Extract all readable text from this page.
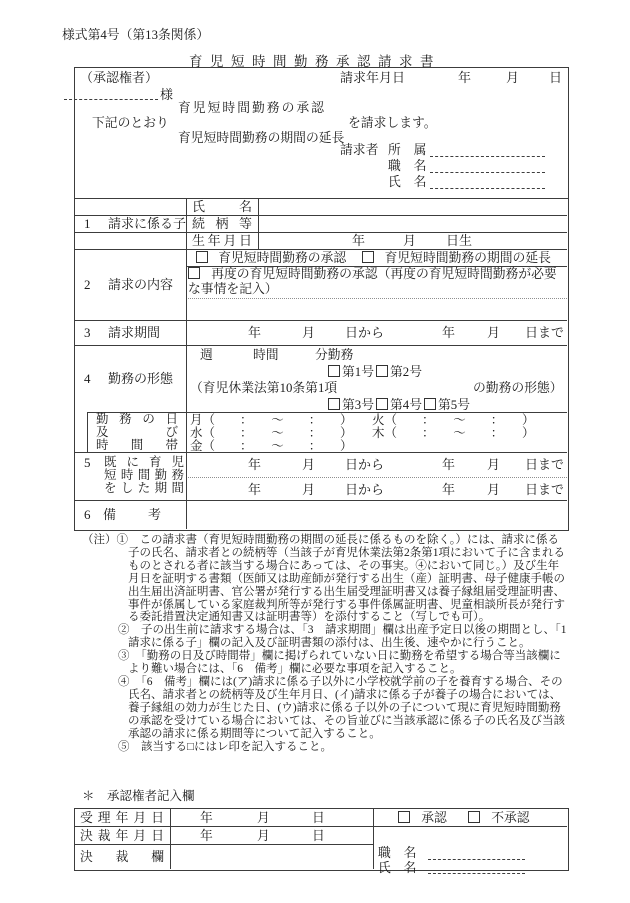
様式第4号（第13条関係）
育児短時間勤務承認請求書
（承認権者）	請求年月日	年	月 日
様
育児短時間勤務の承認
下記のとおり	を請求します。
育児短時間勤務の期間の延長
請求者 所　属
職　名
氏　名
1 請求に係る子
氏 名
続 柄 等
生年月日	年	月 日生
2 請求の内容
育児短時間勤務の承認	育児短時間勤務の期間の延長
再度の育児短時間勤務の承認（再度の育児短時間勤務が必要な事情を記入）
3 請求期間	年	月 日から	年 月 日まで
4 勤務の形態
週	時間	分勤務
第1号 第2号
（育児休業法第10条第1項	の勤務の形態）
第3号 第4号 第5号
勤 務 の 日
及 び
時 間 帯
月（　　：　　～　　：　　） 火（　　：　　～　　：　　）
水（　　：　　～　　：　　） 木（　　：　　～　　：　　）
金（　　：　　～　　：　　）
5 既 に 育 児
短時間勤務
をした期間
年	月 日から	年 月 日まで
年	月 日から	年 月 日まで
6 備 考

（注）①　この請求書（育児短時間勤務の期間の延長に係るものを除く。）には、請求に係る子の氏名、請求者との続柄等（当該子が育児休業法第2条第1項において子に含まれるものとされる者に該当する場合にあっては、その事実。④において同じ。）及び生年月日を証明する書類（医師又は助産師が発行する出生（産）証明書、母子健康手帳の出生届出済証明書、官公署が発行する出生届受理証明書又は養子縁組届受理証明書、事件が係属している家庭裁判所等が発行する事件係属証明書、児童相談所長が発行する委託措置決定通知書又は証明書等）を添付すること（写しでも可）。

②　子の出生前に請求する場合は、「3　請求期間」欄は出産予定日以後の期間とし、「1　請求に係る子」欄の記入及び証明書類の添付は、出生後、速やかに行うこと。

③　「勤務の日及び時間帯」欄に掲げられていない日に勤務を希望する場合等当該欄により難い場合には、「6　備考」欄に必要な事項を記入すること。

④　「6　備考」欄には(ア)請求に係る子以外に小学校就学前の子を養育する場合、その氏名、請求者との続柄等及び生年月日、(イ)請求に係る子が養子の場合においては、養子縁組の効力が生じた日、(ウ)請求に係る子以外の子について現に育児短時間勤務の承認を受けている場合においては、その旨並びに当該承認に係る子の氏名及び当該承認の請求に係る期間等について記入すること。

⑤　該当する□にはレ印を記入すること。

＊　承認権者記入欄
受 理 年 月 日	年	月	日	承認	不承認
決 裁 年 月 日	年	月	日
決 裁 欄	職　名
氏　名
